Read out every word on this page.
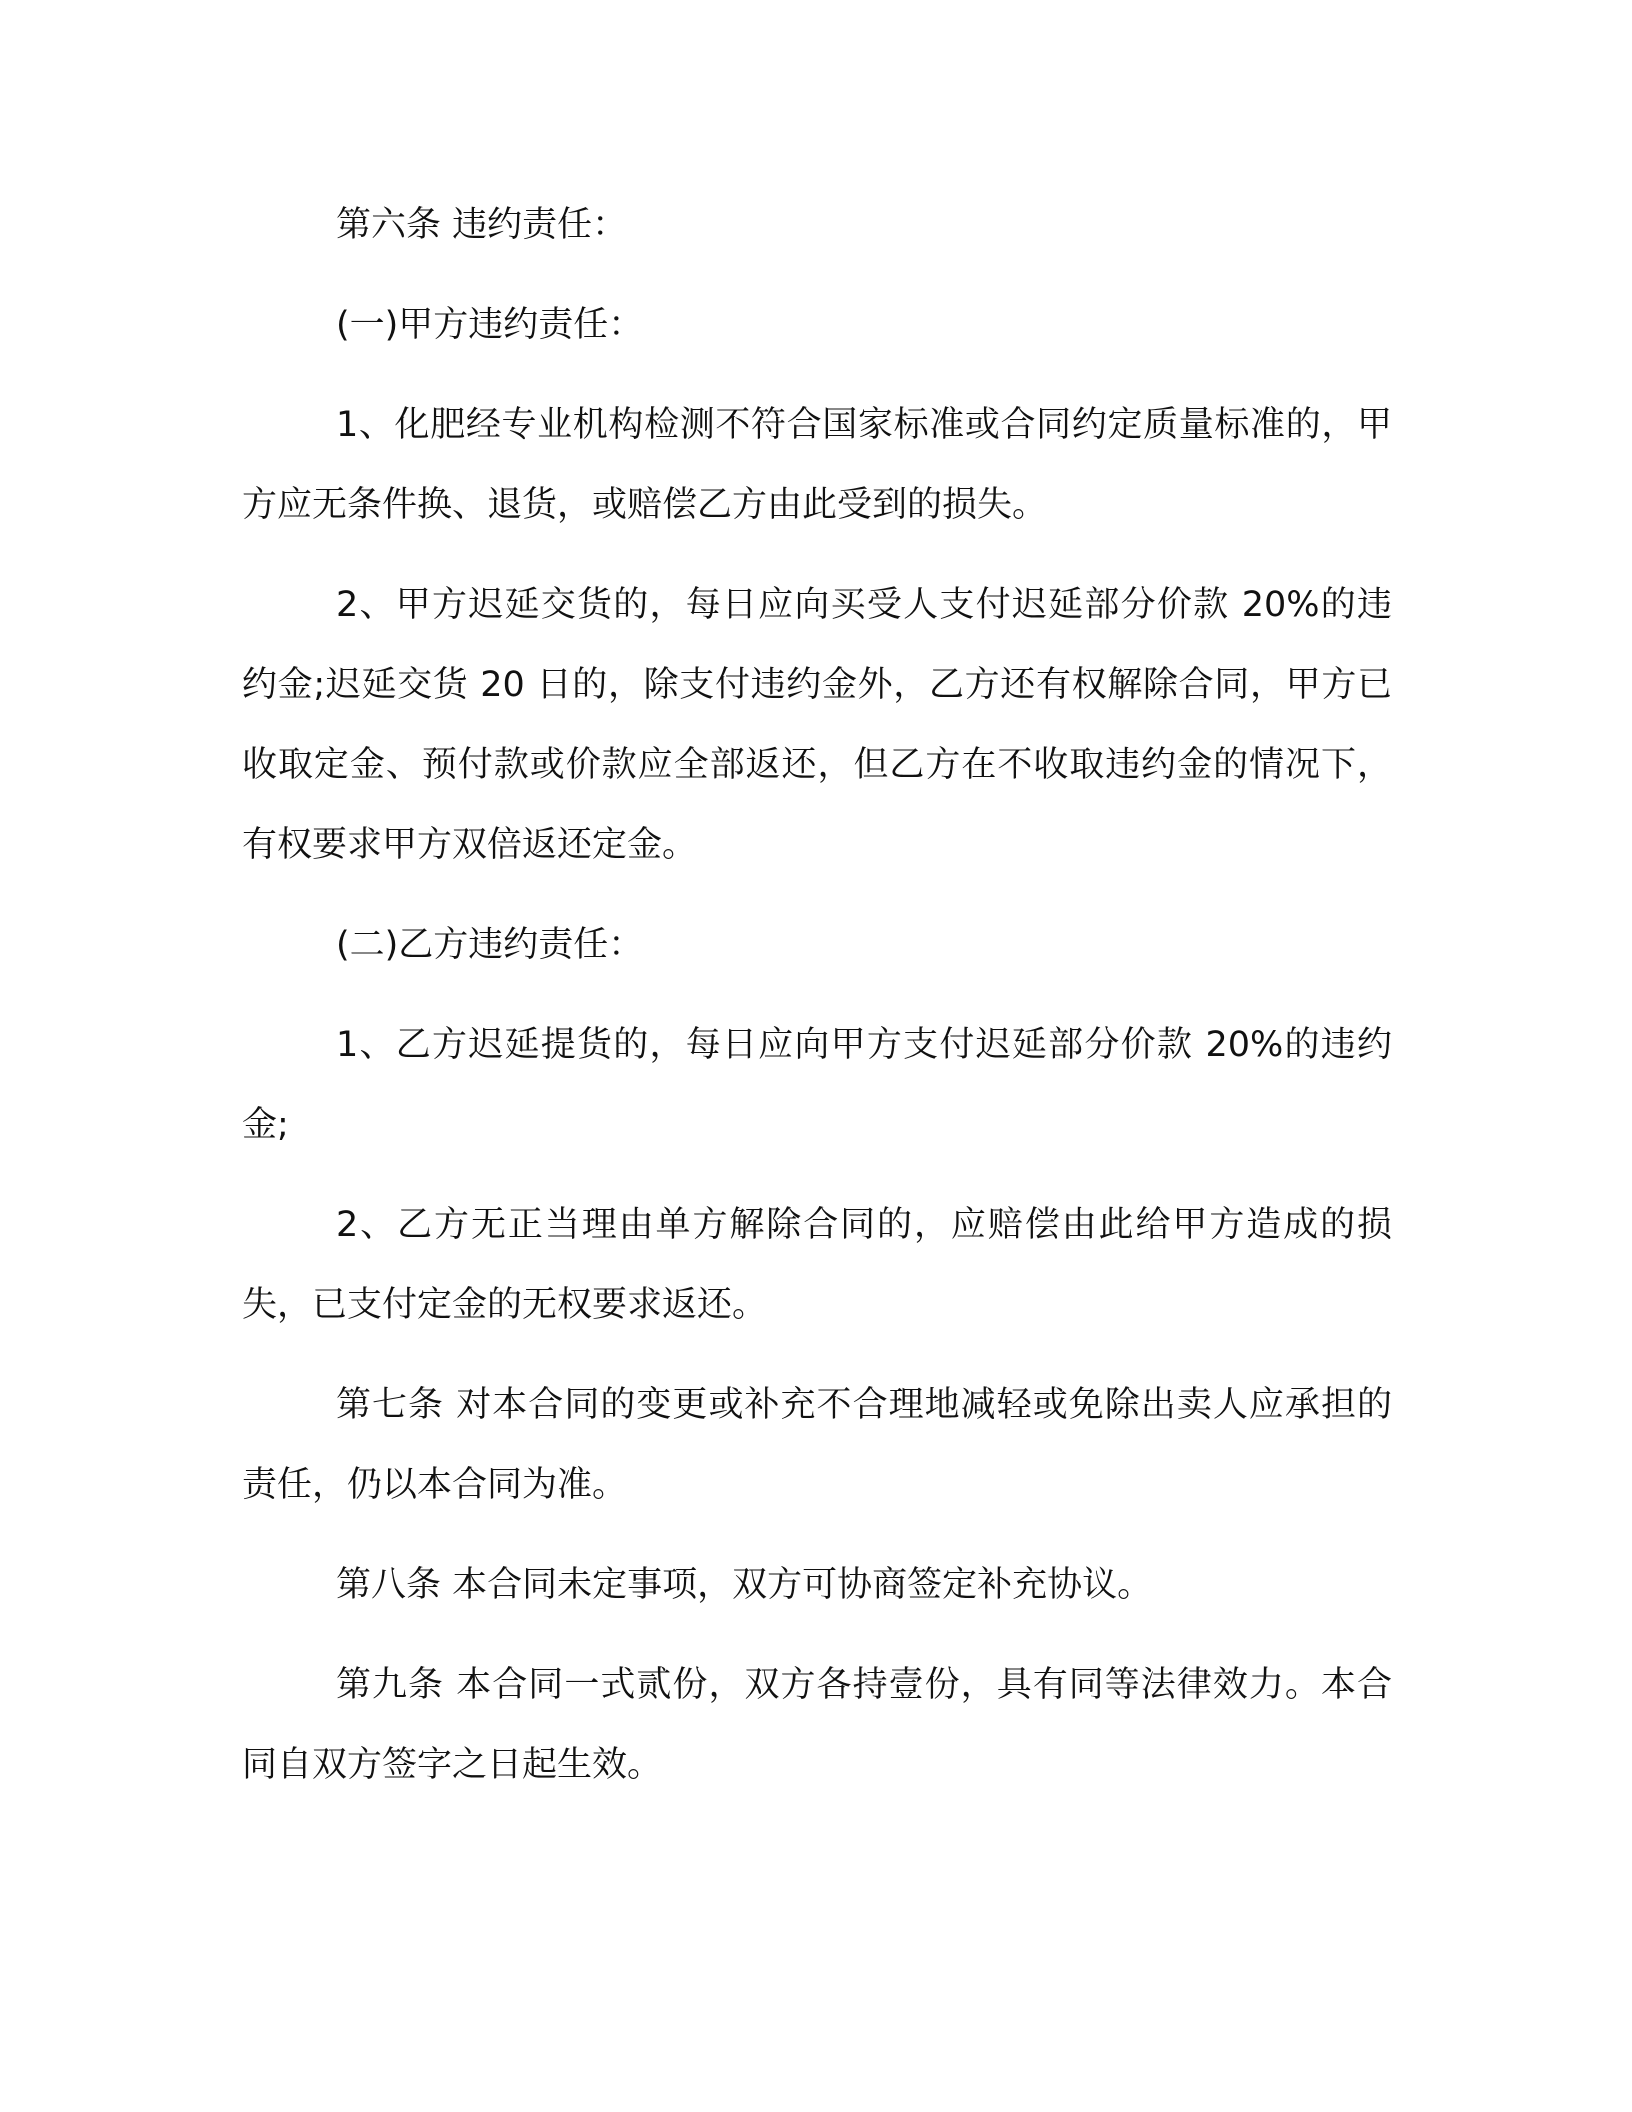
第六条 违约责任：

(一)甲方违约责任：

1、化肥经专业机构检测不符合国家标准或合同约定质量标准的，甲方应无条件换、退货，或赔偿乙方由此受到的损失。

2、甲方迟延交货的，每日应向买受人支付迟延部分价款 20%的违约金;迟延交货 20 日的，除支付违约金外，乙方还有权解除合同，甲方已收取定金、预付款或价款应全部返还，但乙方在不收取违约金的情况下，有权要求甲方双倍返还定金。

(二)乙方违约责任：

1、乙方迟延提货的，每日应向甲方支付迟延部分价款 20%的违约金;

2、乙方无正当理由单方解除合同的，应赔偿由此给甲方造成的损失，已支付定金的无权要求返还。

第七条 对本合同的变更或补充不合理地减轻或免除出卖人应承担的责任，仍以本合同为准。

第八条 本合同未定事项，双方可协商签定补充协议。

第九条 本合同一式贰份，双方各持壹份，具有同等法律效力。本合同自双方签字之日起生效。
